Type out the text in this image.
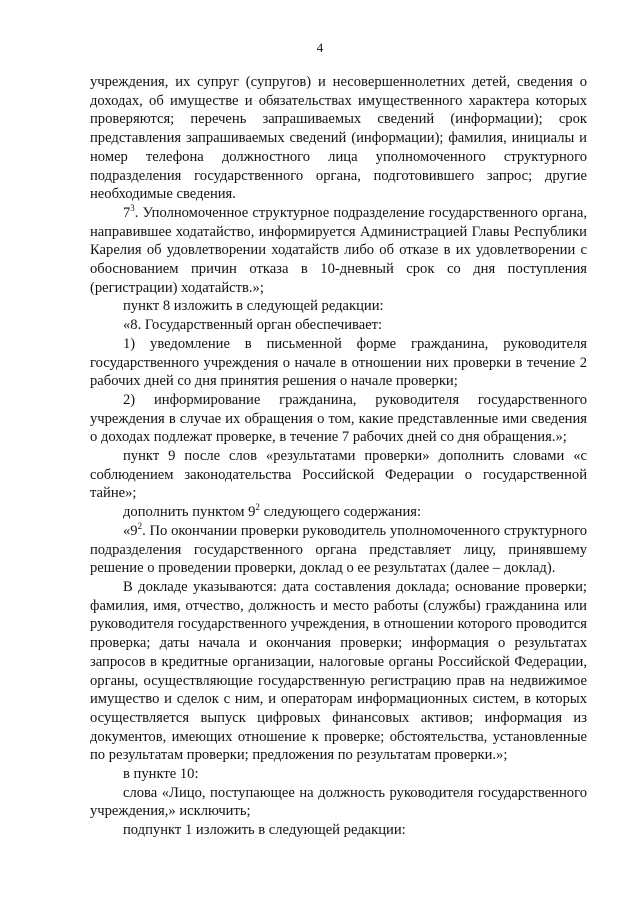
4

учреждения, их супруг (супругов) и несовершеннолетних детей, сведения о доходах, об имуществе и обязательствах имущественного характера которых проверяются; перечень запрашиваемых сведений (информации); срок представления запрашиваемых сведений (информации); фамилия, инициалы и номер телефона должностного лица уполномоченного структурного подразделения государственного органа, подготовившего запрос; другие необходимые сведения.

$7^3$. Уполномоченное структурное подразделение государственного органа, направившее ходатайство, информируется Администрацией Главы Республики Карелия об удовлетворении ходатайств либо об отказе в их удовлетворении с обоснованием причин отказа в 10-дневный срок со дня поступления (регистрации) ходатайств.»;

пункт 8 изложить в следующей редакции:

«8. Государственный орган обеспечивает:

1) уведомление в письменной форме гражданина, руководителя государственного учреждения о начале в отношении них проверки в течение 2 рабочих дней со дня принятия решения о начале проверки;

2) информирование гражданина, руководителя государственного учреждения в случае их обращения о том, какие представленные ими сведения о доходах подлежат проверке, в течение 7 рабочих дней со дня обращения.»;

пункт 9 после слов «результатами проверки» дополнить словами «с соблюдением законодательства Российской Федерации о государственной тайне»;

дополнить пунктом $9^2$ следующего содержания:

«$9^2$. По окончании проверки руководитель уполномоченного структурного подразделения государственного органа представляет лицу, принявшему решение о проведении проверки, доклад о ее результатах (далее – доклад).

В докладе указываются: дата составления доклада; основание проверки; фамилия, имя, отчество, должность и место работы (службы) гражданина или руководителя государственного учреждения, в отношении которого проводится проверка; даты начала и окончания проверки; информация о результатах запросов в кредитные организации, налоговые органы Российской Федерации, органы, осуществляющие государственную регистрацию прав на недвижимое имущество и сделок с ним, и операторам информационных систем, в которых осуществляется выпуск цифровых финансовых активов; информация из документов, имеющих отношение к проверке; обстоятельства, установленные по результатам проверки; предложения по результатам проверки.»;

в пункте 10:

слова «Лицо, поступающее на должность руководителя государственного учреждения,» исключить;

подпункт 1 изложить в следующей редакции:
